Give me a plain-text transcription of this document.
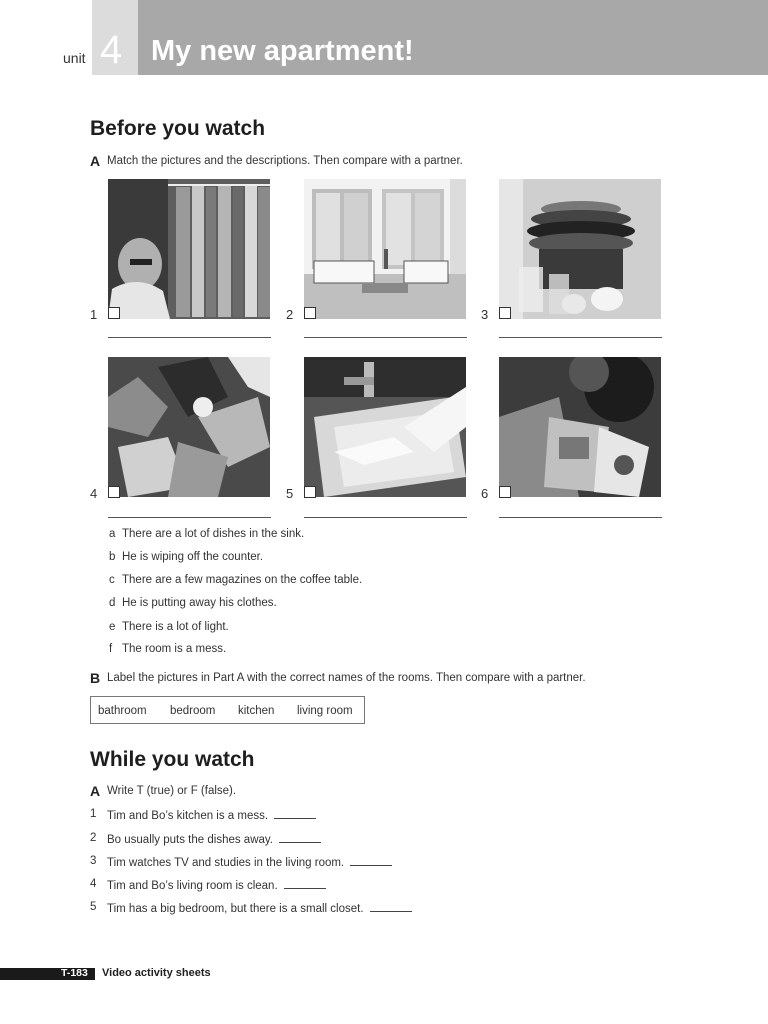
unit 4 My new apartment!
Before you watch
A Match the pictures and the descriptions. Then compare with a partner.
1	2	3
4	5	6
a There are a lot of dishes in the sink.
b He is wiping off the counter.
c There are a few magazines on the coffee table.
d He is putting away his clothes.
e There is a lot of light.
f The room is a mess.
B Label the pictures in Part A with the correct names of the rooms. Then compare with a partner.
bathroom bedroom kitchen living room
While you watch
A Write T (true) or F (false).
1 Tim and Bo’s kitchen is a mess.
2 Bo usually puts the dishes away.
3 Tim watches TV and studies in the living room.
4 Tim and Bo’s living room is clean.
5 Tim has a big bedroom, but there is a small closet.
T-183 Video activity sheets
